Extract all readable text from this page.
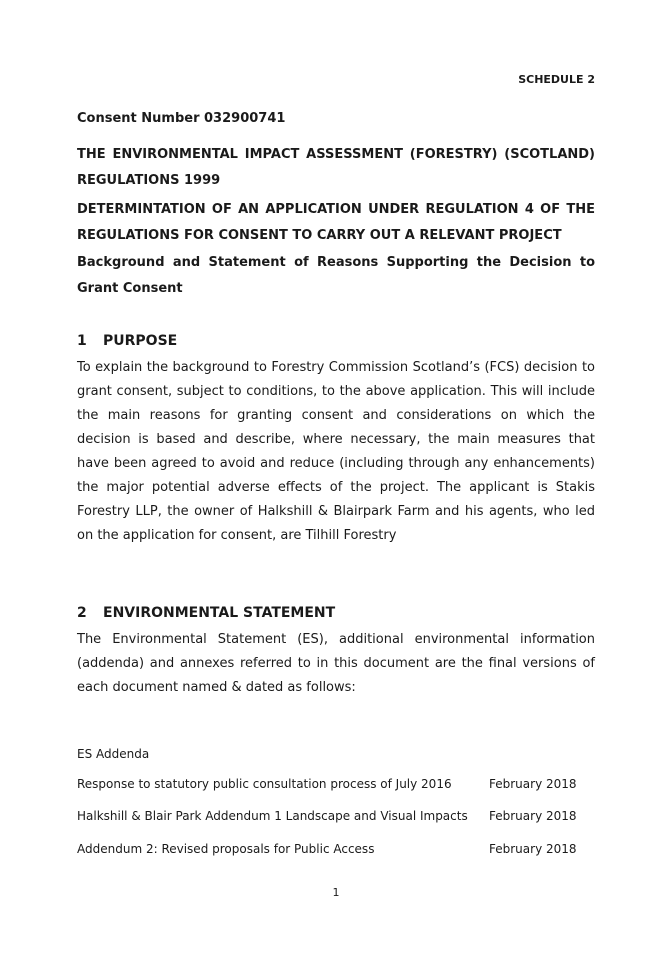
SCHEDULE 2

Consent Number 032900741

THE ENVIRONMENTAL IMPACT ASSESSMENT (FORESTRY) (SCOTLAND) REGULATIONS 1999

DETERMINTATION OF AN APPLICATION UNDER REGULATION 4 OF THE REGULATIONS FOR CONSENT TO CARRY OUT A RELEVANT PROJECT

Background and Statement of Reasons Supporting the Decision to Grant Consent

1	PURPOSE

To explain the background to Forestry Commission Scotland’s (FCS) decision to grant consent, subject to conditions, to the above application. This will include the main reasons for granting consent and considerations on which the decision is based and describe, where necessary, the main measures that have been agreed to avoid and reduce (including through any enhancements) the major potential adverse effects of the project. The applicant is Stakis Forestry LLP, the owner of Halkshill & Blairpark Farm and his agents, who led on the application for consent, are Tilhill Forestry

2	ENVIRONMENTAL STATEMENT

The Environmental Statement (ES), additional environmental information (addenda) and annexes referred to in this document are the final versions of each document named & dated as follows:

ES Addenda
Response to statutory public consultation process of July 2016	February 2018
Halkshill & Blair Park Addendum 1 Landscape and Visual Impacts	February 2018
Addendum 2: Revised proposals for Public Access	February 2018
1
